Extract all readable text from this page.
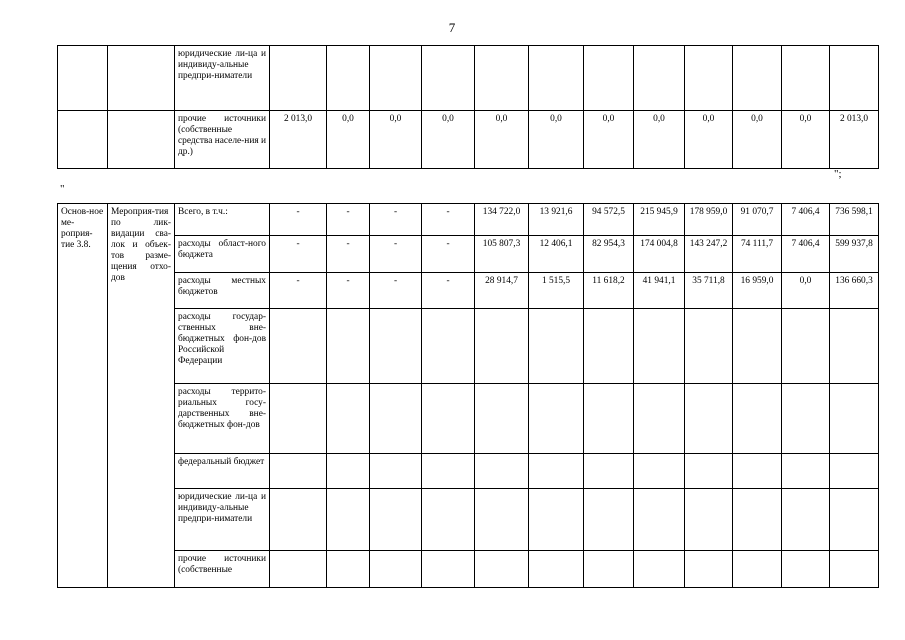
7
		юридические ли-ца и индивиду-альные предпри-ниматели												
		прочие источники (собственные средства населе-ния и др.)	2 013,0	0,0	0,0	0,0	0,0	0,0	0,0	0,0	0,0	0,0	0,0	2 013,0
"
";
Основ-ное ме-роприя-тие 3.8.	Мероприя-тия по лик-видации сва-лок и объек-тов разме-щения отхо-дов	Всего, в т.ч.:	-	-	-	-	134 722,0	13 921,6	94 572,5	215 945,9	178 959,0	91 070,7	7 406,4	736 598,1
		расходы област-ного бюджета	-	-	-	-	105 807,3	12 406,1	82 954,3	174 004,8	143 247,2	74 111,7	7 406,4	599 937,8
		расходы местных бюджетов	-	-	-	-	28 914,7	1 515,5	11 618,2	41 941,1	35 711,8	16 959,0	0,0	136 660,3
		расходы государ-ственных вне-бюджетных фон-дов Российской Федерации												
		расходы террито-риальных госу-дарственных вне-бюджетных фон-дов												
		федеральный бюджет												
		юридические ли-ца и индивиду-альные предпри-ниматели												
		прочие источники (собственные												
